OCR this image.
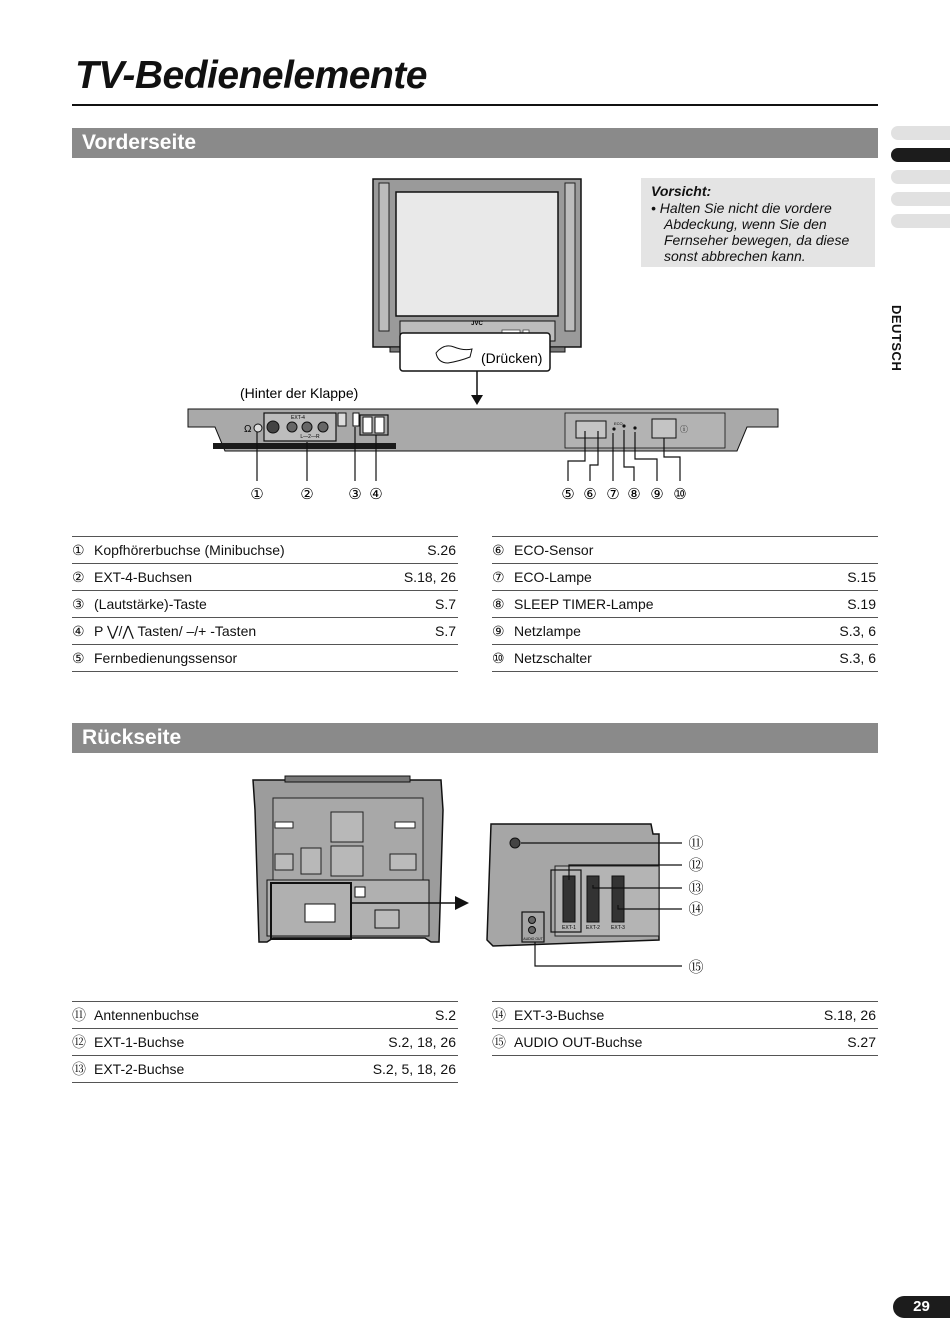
TV-Bedienelemente
DEUTSCH
Vorderseite
Vorsicht:
• Halten Sie nicht die vordere Abdeckung, wenn Sie den Fernseher bewegen, da diese sonst abbrechen kann.
JVC
(Drücken)
(Hinter der Klappe)
Ω
EXT-4
L—2—R
ECO
ⓘ
① ② ③ ④	⑤ ⑥ ⑦ ⑧ ⑨ ⑩
① Kopfhörerbuchse (Minibuchse)	S.26
② EXT-4-Buchsen	S.18, 26
③ (Lautstärke)-Taste	S.7
④ P ⋁/⋀ Tasten/ –/+ -Tasten	S.7
⑤ Fernbedienungssensor
⑥ ECO-Sensor
⑦ ECO-Lampe	S.15
⑧ SLEEP TIMER-Lampe	S.19
⑨ Netzlampe	S.3, 6
⑩ Netzschalter	S.3, 6
Rückseite
EXT-1 EXT-2 EXT-3
AUDIO OUT
⑪
⑫
⑬
⑭
⑮
⑪ Antennenbuchse	S.2
⑫ EXT-1-Buchse	S.2, 18, 26
⑬ EXT-2-Buchse	S.2, 5, 18, 26
⑭ EXT-3-Buchse	S.18, 26
⑮ AUDIO OUT-Buchse	S.27
29
